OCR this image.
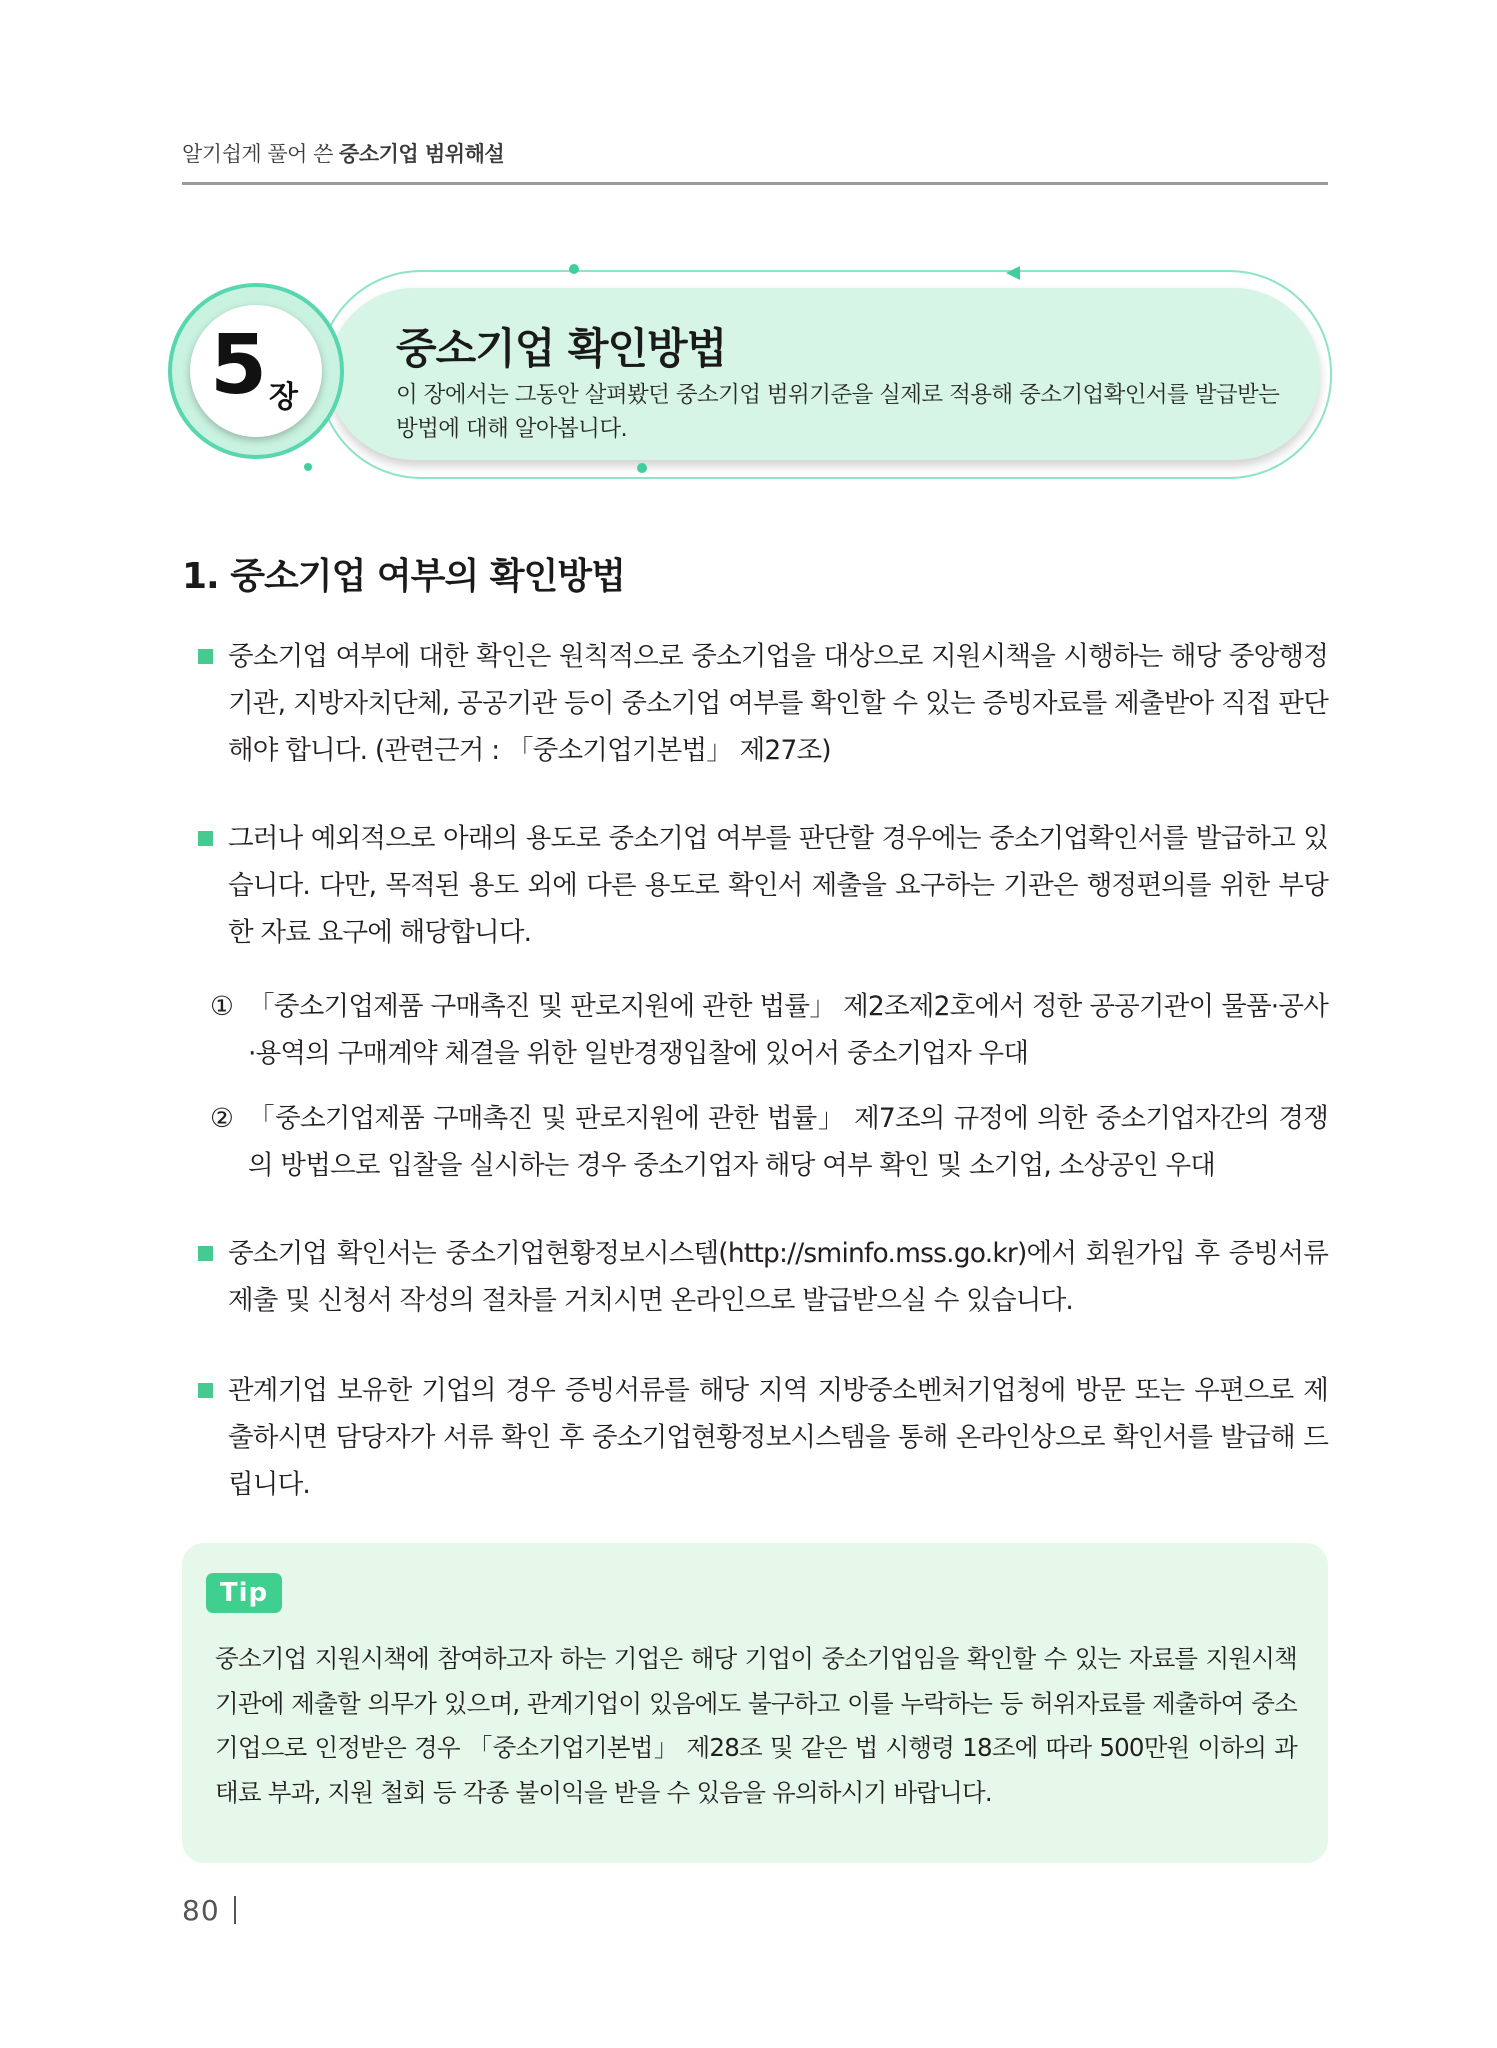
알기쉽게 풀어 쓴 중소기업 범위해설
5 장
중소기업 확인방법
이 장에서는 그동안 살펴봤던 중소기업 범위기준을 실제로 적용해 중소기업확인서를 발급받는 방법에 대해 알아봅니다.
1. 중소기업 여부의 확인방법
중소기업 여부에 대한 확인은 원칙적으로 중소기업을 대상으로 지원시책을 시행하는 해당 중앙행정기관, 지방자치단체, 공공기관 등이 중소기업 여부를 확인할 수 있는 증빙자료를 제출받아 직접 판단해야 합니다. (관련근거 : 「중소기업기본법」 제27조)
그러나 예외적으로 아래의 용도로 중소기업 여부를 판단할 경우에는 중소기업확인서를 발급하고 있습니다. 다만, 목적된 용도 외에 다른 용도로 확인서 제출을 요구하는 기관은 행정편의를 위한 부당한 자료 요구에 해당합니다.
① 「중소기업제품 구매촉진 및 판로지원에 관한 법률」 제2조제2호에서 정한 공공기관이 물품·공사·용역의 구매계약 체결을 위한 일반경쟁입찰에 있어서 중소기업자 우대
② 「중소기업제품 구매촉진 및 판로지원에 관한 법률」 제7조의 규정에 의한 중소기업자간의 경쟁의 방법으로 입찰을 실시하는 경우 중소기업자 해당 여부 확인 및 소기업, 소상공인 우대
중소기업 확인서는 중소기업현황정보시스템(http://sminfo.mss.go.kr)에서 회원가입 후 증빙서류 제출 및 신청서 작성의 절차를 거치시면 온라인으로 발급받으실 수 있습니다.
관계기업 보유한 기업의 경우 증빙서류를 해당 지역 지방중소벤처기업청에 방문 또는 우편으로 제출하시면 담당자가 서류 확인 후 중소기업현황정보시스템을 통해 온라인상으로 확인서를 발급해 드립니다.
Tip
중소기업 지원시책에 참여하고자 하는 기업은 해당 기업이 중소기업임을 확인할 수 있는 자료를 지원시책기관에 제출할 의무가 있으며, 관계기업이 있음에도 불구하고 이를 누락하는 등 허위자료를 제출하여 중소기업으로 인정받은 경우 「중소기업기본법」 제28조 및 같은 법 시행령 18조에 따라 500만원 이하의 과태료 부과, 지원 철회 등 각종 불이익을 받을 수 있음을 유의하시기 바랍니다.
80
